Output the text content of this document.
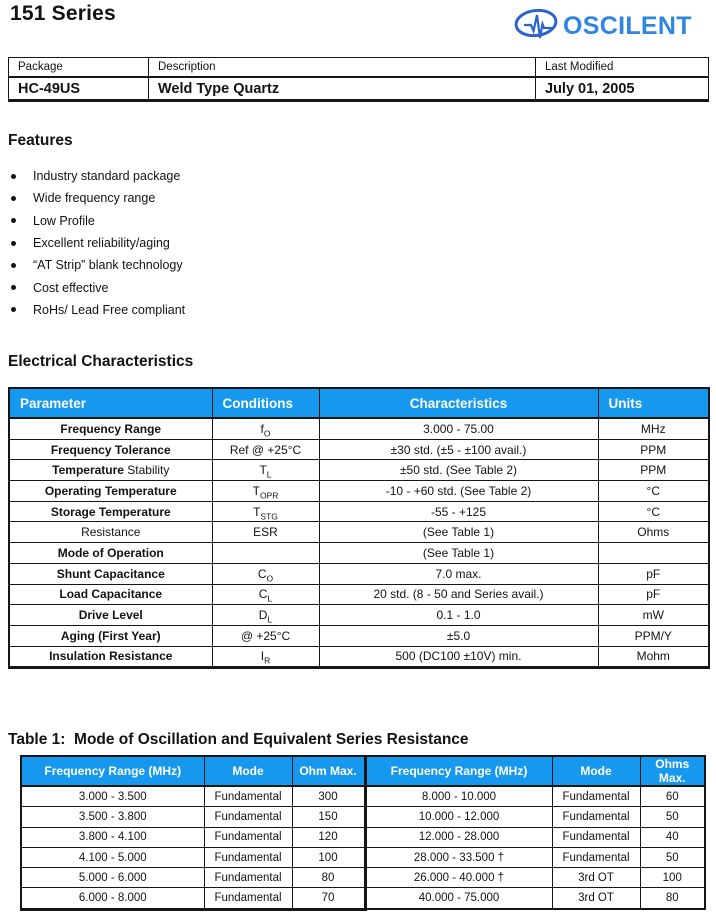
151 Series	OSCILENT
Package	Description	Last Modified
HC-49US	Weld Type Quartz	July 01, 2005
Features
Industry standard package
Wide frequency range
Low Profile
Excellent reliability/aging
“AT Strip” blank technology
Cost effective
RoHs/ Lead Free compliant
Electrical Characteristics
Parameter	Conditions	Characteristics	Units
Frequency Range	$f_O$	3.000 - 75.00	MHz
Frequency Tolerance	Ref @ +25°C	±30 std. (±5 - ±100 avail.)	PPM
Temperature Stability	$T_L$	±50 std. (See Table 2)	PPM
Operating Temperature	$T_{OPR}$	-10 - +60 std. (See Table 2)	°C
Storage Temperature	$T_{STG}$	-55 - +125	°C
Resistance	ESR	(See Table 1)	Ohms
Mode of Operation		(See Table 1)	
Shunt Capacitance	$C_O$	7.0 max.	pF
Load Capacitance	$C_L$	20 std. (8 - 50 and Series avail.)	pF
Drive Level	$D_L$	0.1 - 1.0	mW
Aging (First Year)	@ +25°C	±5.0	PPM/Y
Insulation Resistance	$I_R$	500 (DC100 ±10V) min.	Mohm
Table 1:  Mode of Oscillation and Equivalent Series Resistance
Frequency Range (MHz)	Mode	Ohm Max.	Frequency Range (MHz)	Mode	Ohms Max.
3.000 - 3.500	Fundamental	300	8.000 - 10.000	Fundamental	60
3.500 - 3.800	Fundamental	150	10.000 - 12.000	Fundamental	50
3.800 - 4.100	Fundamental	120	12.000 - 28.000	Fundamental	40
4.100 - 5.000	Fundamental	100	28.000 - 33.500 †	Fundamental	50
5.000 - 6.000	Fundamental	80	26.000 - 40.000 †	3rd OT	100
6.000 - 8.000	Fundamental	70	40.000 - 75.000	3rd OT	80
